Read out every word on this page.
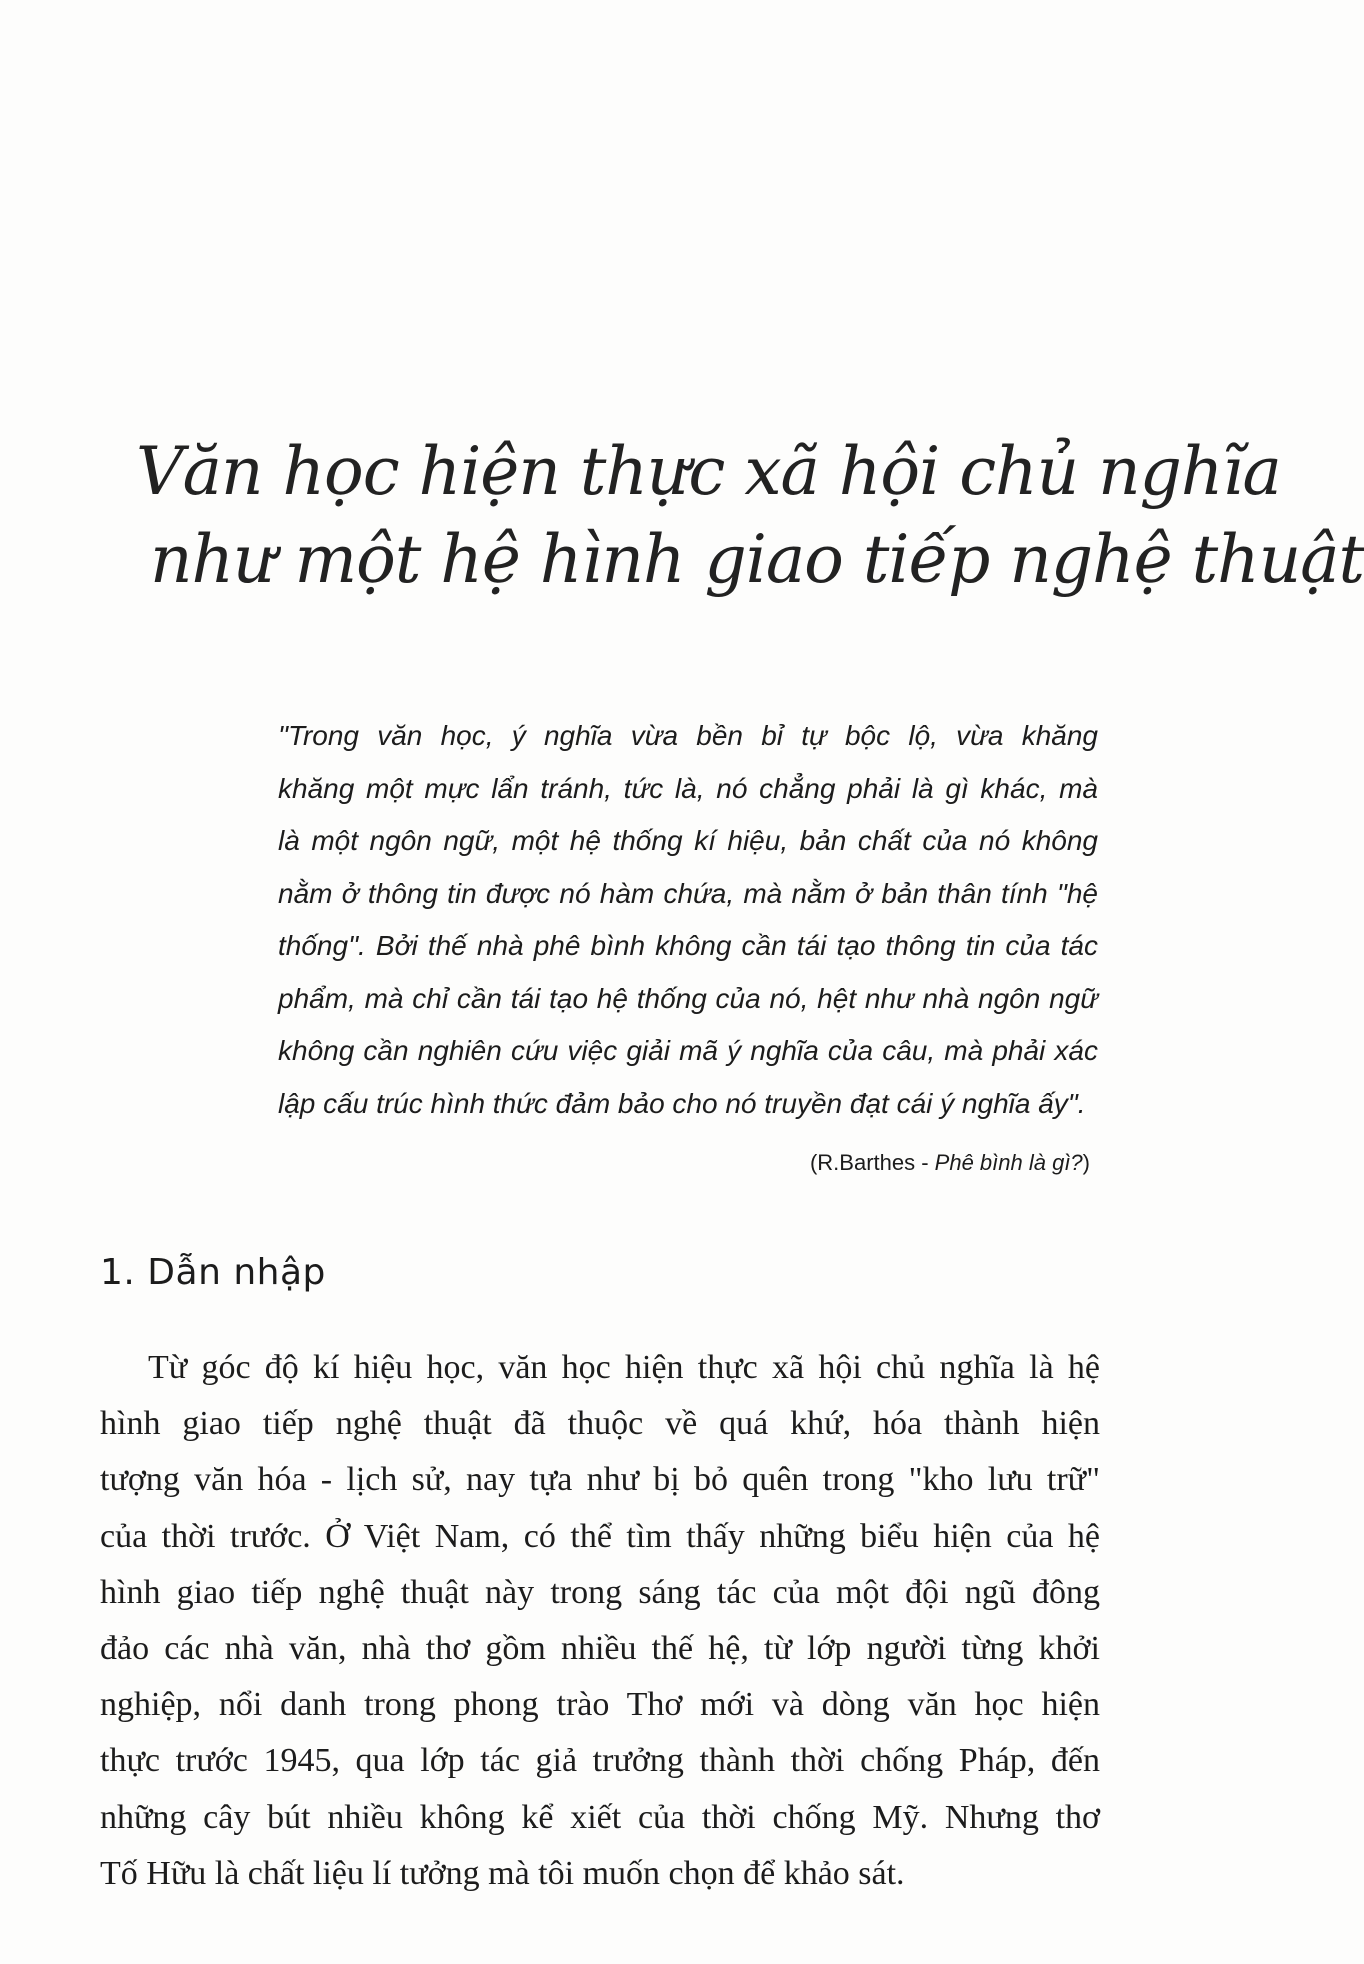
Văn học hiện thực xã hội chủ nghĩa
như một hệ hình giao tiếp nghệ thuật
"Trong văn học, ý nghĩa vừa bền bỉ tự bộc lộ, vừa khăng
khăng một mực lẩn tránh, tức là, nó chẳng phải là gì khác, mà
là một ngôn ngữ, một hệ thống kí hiệu, bản chất của nó không
nằm ở thông tin được nó hàm chứa, mà nằm ở bản thân tính "hệ
thống". Bởi thế nhà phê bình không cần tái tạo thông tin của tác
phẩm, mà chỉ cần tái tạo hệ thống của nó, hệt như nhà ngôn ngữ
không cần nghiên cứu việc giải mã ý nghĩa của câu, mà phải xác
lập cấu trúc hình thức đảm bảo cho nó truyền đạt cái ý nghĩa ấy".
(R.Barthes - Phê bình là gì?)
1. Dẫn nhập
Từ góc độ kí hiệu học, văn học hiện thực xã hội chủ nghĩa là hệ
hình giao tiếp nghệ thuật đã thuộc về quá khứ, hóa thành hiện
tượng văn hóa - lịch sử, nay tựa như bị bỏ quên trong "kho lưu trữ"
của thời trước. Ở Việt Nam, có thể tìm thấy những biểu hiện của hệ
hình giao tiếp nghệ thuật này trong sáng tác của một đội ngũ đông
đảo các nhà văn, nhà thơ gồm nhiều thế hệ, từ lớp người từng khởi
nghiệp, nổi danh trong phong trào Thơ mới và dòng văn học hiện
thực trước 1945, qua lớp tác giả trưởng thành thời chống Pháp, đến
những cây bút nhiều không kể xiết của thời chống Mỹ. Nhưng thơ
Tố Hữu là chất liệu lí tưởng mà tôi muốn chọn để khảo sát.
